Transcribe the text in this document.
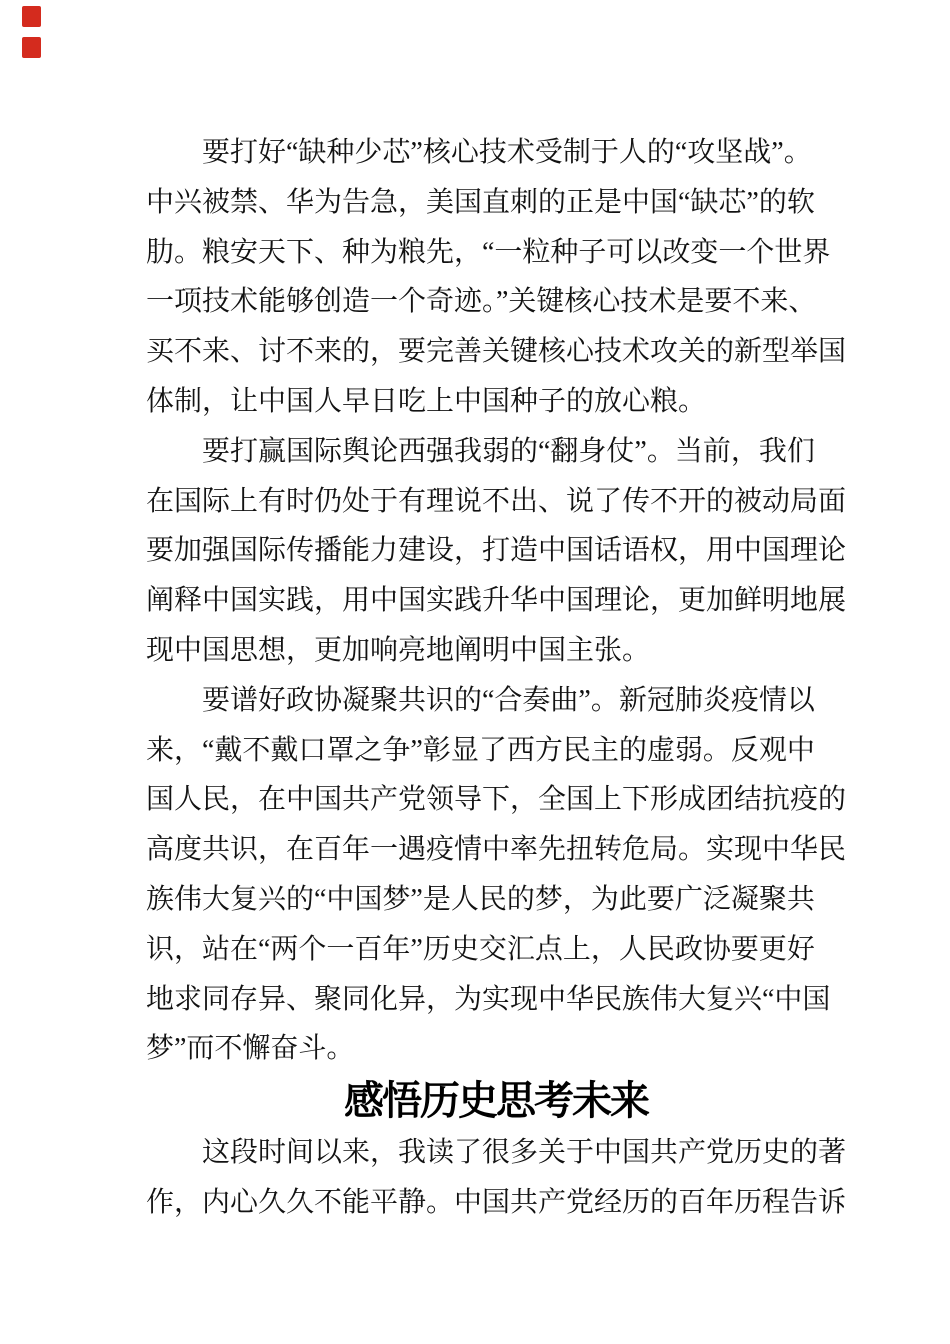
要打好“缺种少芯”核心技术受制于人的“攻坚战”。
中兴被禁、华为告急，美国直刺的正是中国“缺芯”的软
肋。粮安天下、种为粮先，“一粒种子可以改变一个世界
一项技术能够创造一个奇迹。”关键核心技术是要不来、
买不来、讨不来的，要完善关键核心技术攻关的新型举国
体制，让中国人早日吃上中国种子的放心粮。
要打赢国际舆论西强我弱的“翻身仗”。当前，我们
在国际上有时仍处于有理说不出、说了传不开的被动局面
要加强国际传播能力建设，打造中国话语权，用中国理论
阐释中国实践，用中国实践升华中国理论，更加鲜明地展
现中国思想，更加响亮地阐明中国主张。
要谱好政协凝聚共识的“合奏曲”。新冠肺炎疫情以
来，“戴不戴口罩之争”彰显了西方民主的虚弱。反观中
国人民，在中国共产党领导下，全国上下形成团结抗疫的
高度共识，在百年一遇疫情中率先扭转危局。实现中华民
族伟大复兴的“中国梦”是人民的梦，为此要广泛凝聚共
识，站在“两个一百年”历史交汇点上，人民政协要更好
地求同存异、聚同化异，为实现中华民族伟大复兴“中国
梦”而不懈奋斗。
感悟历史思考未来
这段时间以来，我读了很多关于中国共产党历史的著
作，内心久久不能平静。中国共产党经历的百年历程告诉
